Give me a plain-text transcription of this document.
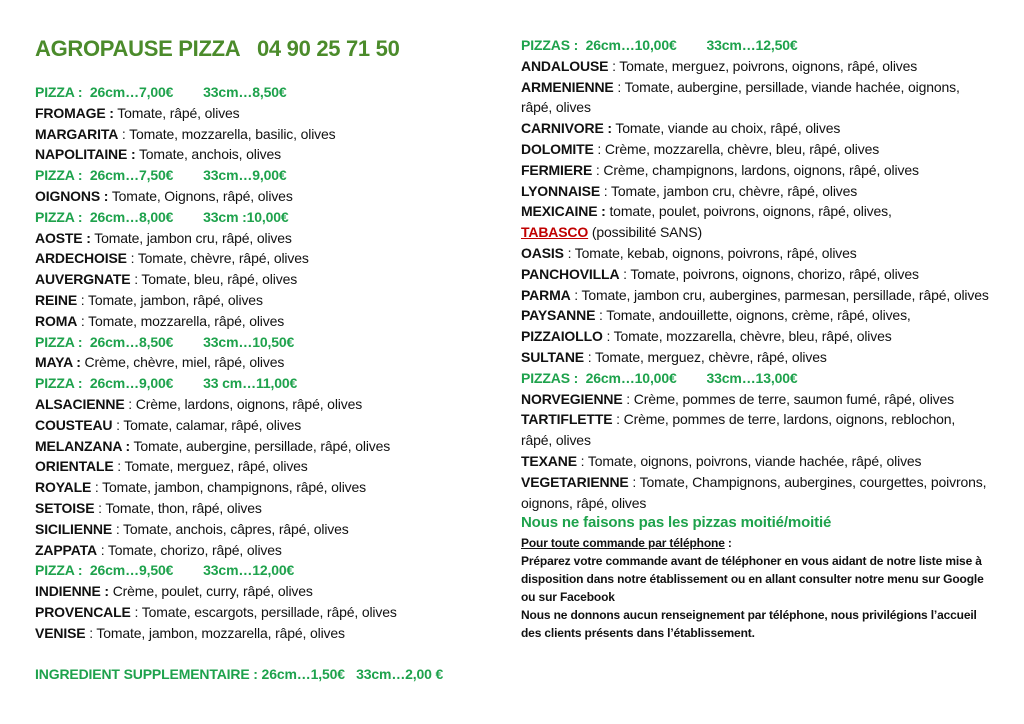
AGROPAUSE PIZZA   04 90 25 71 50
PIZZA :  26cm…7,00€        33cm…8,50€
FROMAGE : Tomate, râpé, olives
MARGARITA : Tomate, mozzarella, basilic, olives
NAPOLITAINE : Tomate, anchois, olives
PIZZA :  26cm…7,50€        33cm…9,00€
OIGNONS : Tomate, Oignons, râpé, olives
PIZZA :  26cm…8,00€        33cm :10,00€
AOSTE : Tomate, jambon cru, râpé, olives
ARDECHOISE : Tomate, chèvre, râpé, olives
AUVERGNATE : Tomate, bleu, râpé, olives
REINE : Tomate, jambon, râpé, olives
ROMA : Tomate, mozzarella, râpé, olives
PIZZA :  26cm…8,50€        33cm…10,50€
MAYA : Crème, chèvre, miel, râpé, olives
PIZZA :  26cm…9,00€        33 cm…11,00€
ALSACIENNE : Crème, lardons, oignons, râpé, olives
COUSTEAU : Tomate, calamar, râpé, olives
MELANZANA : Tomate, aubergine, persillade, râpé, olives
ORIENTALE : Tomate, merguez, râpé, olives
ROYALE : Tomate, jambon, champignons, râpé, olives
SETOISE : Tomate, thon, râpé, olives
SICILIENNE : Tomate, anchois, câpres, râpé, olives
ZAPPATA : Tomate, chorizo, râpé, olives
PIZZA :  26cm…9,50€        33cm…12,00€
INDIENNE : Crème, poulet, curry, râpé, olives
PROVENCALE : Tomate, escargots, persillade, râpé, olives
VENISE : Tomate, jambon, mozzarella, râpé, olives
INGREDIENT SUPPLEMENTAIRE : 26cm…1,50€   33cm…2,00 €
PIZZAS :  26cm…10,00€        33cm…12,50€
ANDALOUSE : Tomate, merguez, poivrons, oignons, râpé, olives
ARMENIENNE : Tomate, aubergine, persillade, viande hachée, oignons, râpé, olives
CARNIVORE : Tomate, viande au choix, râpé, olives
DOLOMITE : Crème, mozzarella, chèvre, bleu, râpé, olives
FERMIERE : Crème, champignons, lardons, oignons, râpé, olives
LYONNAISE : Tomate, jambon cru, chèvre, râpé, olives
MEXICAINE : tomate, poulet, poivrons, oignons, râpé, olives,
TABASCO (possibilité SANS)
OASIS : Tomate, kebab, oignons, poivrons, râpé, olives
PANCHOVILLA : Tomate, poivrons, oignons, chorizo, râpé, olives
PARMA : Tomate, jambon cru, aubergines, parmesan, persillade, râpé, olives
PAYSANNE : Tomate, andouillette, oignons, crème, râpé, olives,
PIZZAIOLLO : Tomate, mozzarella, chèvre, bleu, râpé, olives
SULTANE : Tomate, merguez, chèvre, râpé, olives
PIZZAS :  26cm…10,00€        33cm…13,00€
NORVEGIENNE : Crème, pommes de terre, saumon fumé, râpé, olives
TARTIFLETTE : Crème, pommes de terre, lardons, oignons, reblochon, râpé, olives
TEXANE : Tomate, oignons, poivrons, viande hachée, râpé, olives
VEGETARIENNE : Tomate, Champignons, aubergines, courgettes, poivrons, oignons, râpé, olives
Nous ne faisons pas les pizzas moitié/moitié
Pour toute commande par téléphone :
Préparez votre commande avant de téléphoner en vous aidant de notre liste mise à disposition dans notre établissement ou en allant consulter notre menu sur Google ou sur Facebook
Nous ne donnons aucun renseignement par téléphone, nous privilégions l’accueil des clients présents dans l’établissement.
